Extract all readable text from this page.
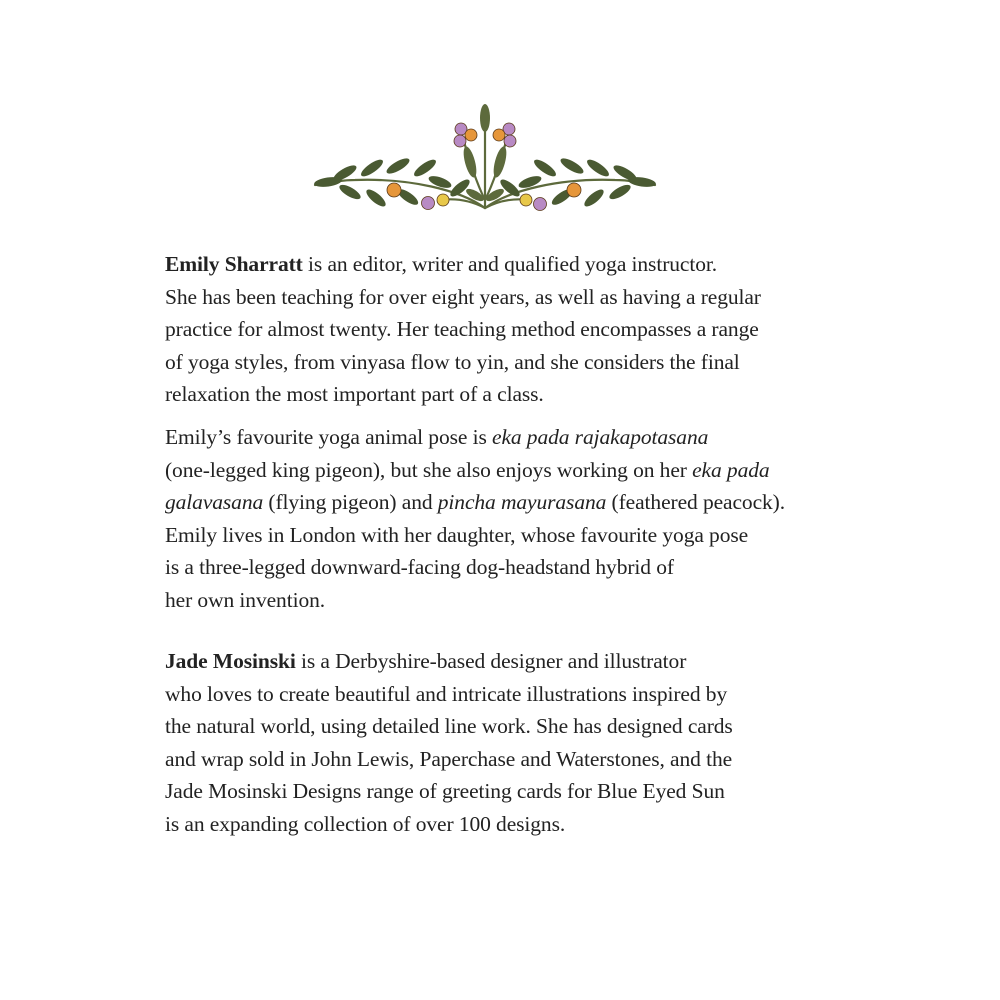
Emily Sharratt is an editor, writer and qualified yoga instructor.
She has been teaching for over eight years, as well as having a regular
practice for almost twenty. Her teaching method encompasses a range
of yoga styles, from vinyasa flow to yin, and she considers the final
relaxation the most important part of a class.
Emily’s favourite yoga animal pose is eka pada rajakapotasana
(one-legged king pigeon), but she also enjoys working on her eka pada
galavasana (flying pigeon) and pincha mayurasana (feathered peacock).
Emily lives in London with her daughter, whose favourite yoga pose
is a three-legged downward-facing dog-headstand hybrid of
her own invention.
Jade Mosinski is a Derbyshire-based designer and illustrator
who loves to create beautiful and intricate illustrations inspired by
the natural world, using detailed line work. She has designed cards
and wrap sold in John Lewis, Paperchase and Waterstones, and the
Jade Mosinski Designs range of greeting cards for Blue Eyed Sun
is an expanding collection of over 100 designs.
